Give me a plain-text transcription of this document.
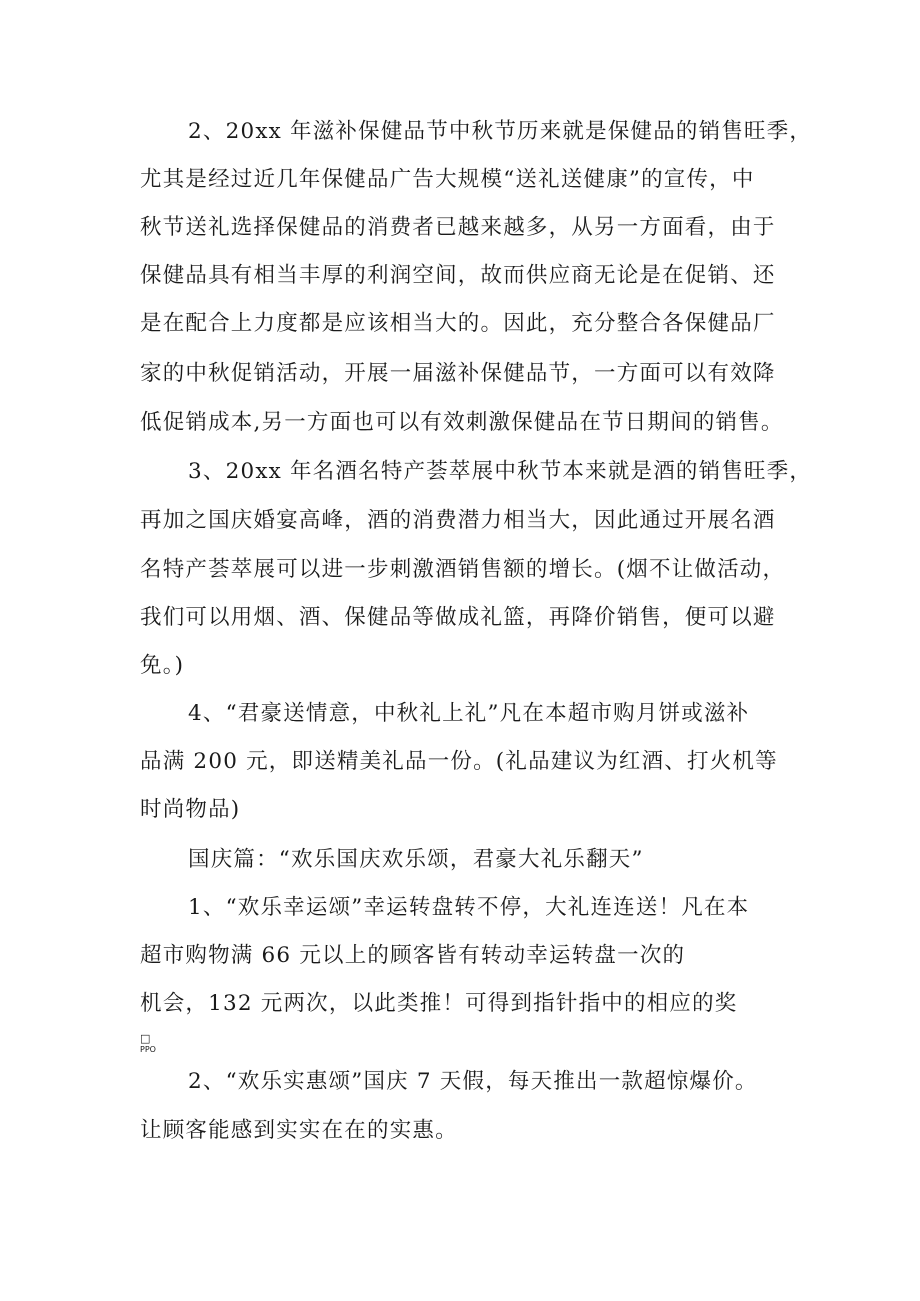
2、20xx 年滋补保健品节中秋节历来就是保健品的销售旺季，
尤其是经过近几年保健品广告大规模“送礼送健康”的宣传，中
秋节送礼选择保健品的消费者已越来越多，从另一方面看，由于
保健品具有相当丰厚的利润空间，故而供应商无论是在促销、还
是在配合上力度都是应该相当大的。因此，充分整合各保健品厂
家的中秋促销活动，开展一届滋补保健品节，一方面可以有效降
低促销成本,另一方面也可以有效刺激保健品在节日期间的销售。
3、20xx 年名酒名特产荟萃展中秋节本来就是酒的销售旺季，
再加之国庆婚宴高峰，酒的消费潜力相当大，因此通过开展名酒
名特产荟萃展可以进一步刺激酒销售额的增长。(烟不让做活动，
我们可以用烟、酒、保健品等做成礼篮，再降价销售，便可以避
免。)
4、“君豪送情意，中秋礼上礼”凡在本超市购月饼或滋补
品满 200 元，即送精美礼品一份。(礼品建议为红酒、打火机等
时尚物品)
国庆篇：“欢乐国庆欢乐颂，君豪大礼乐翻天”
1、“欢乐幸运颂”幸运转盘转不停，大礼连连送！凡在本
超市购物满 66 元以上的顾客皆有转动幸运转盘一次的
机会，132 元两次，以此类推！可得到指针指中的相应的奖
□
PPO
2、“欢乐实惠颂”国庆 7 天假，每天推出一款超惊爆价。
让顾客能感到实实在在的实惠。
